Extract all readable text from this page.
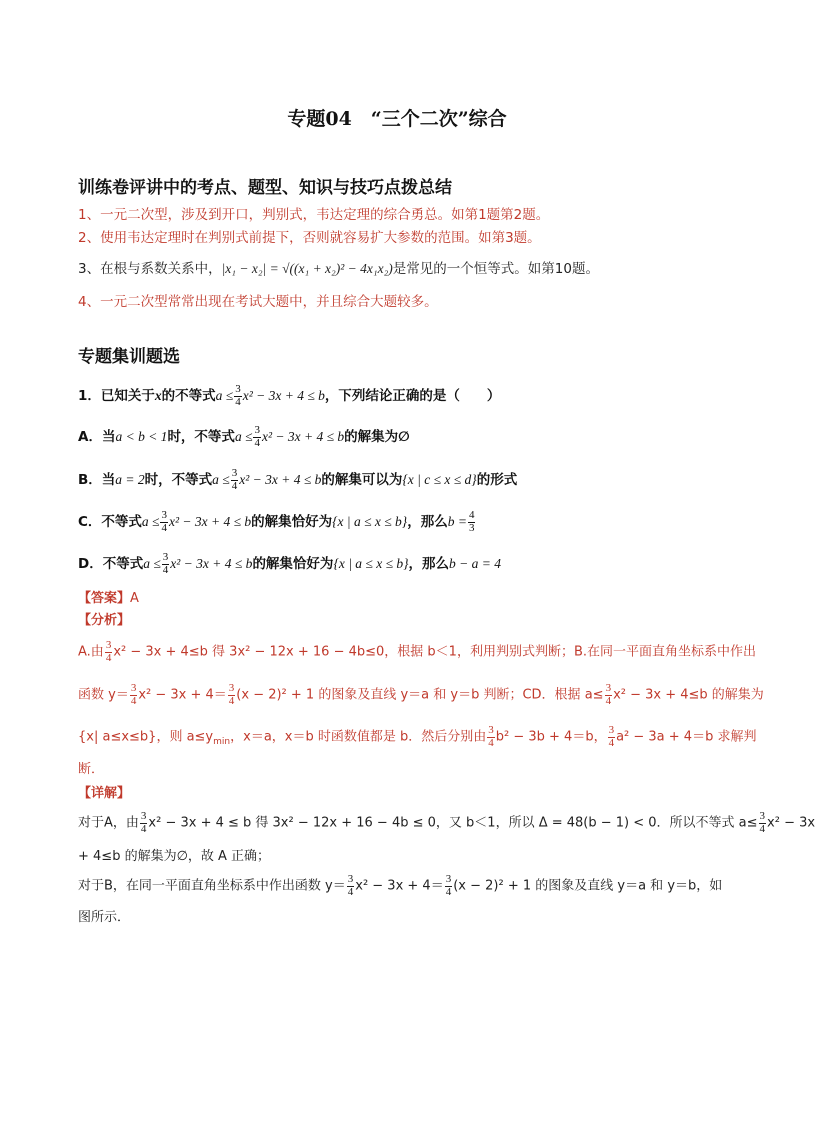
专题04　“三个二次”综合
训练卷评讲中的考点、题型、知识与技巧点拨总结
1、一元二次型，涉及到开口，判别式，韦达定理的综合勇总。如第1题第2题。
2、使用韦达定理时在判别式前提下，否则就容易扩大参数的范围。如第3题。
3、在根与系数关系中，|x₁ − x₂| = √((x₁ + x₂)² − 4x₁x₂)是常见的一个恒等式。如第10题。
4、一元二次型常常出现在考试大题中，并且综合大题较多。
专题集训题选
1．已知关于x的不等式$a \le \frac{3}{4} x^2 - 3x + 4 \le b$，下列结论正确的是（　　）
A．当a < b < 1时，不等式$a \le \frac{3}{4} x^2 - 3x + 4 \le b$的解集为∅
B．当a = 2时，不等式$a \le \frac{3}{4} x^2 - 3x + 4 \le b$的解集可以为{x | c ≤ x ≤ d}的形式
C．不等式$a \le \frac{3}{4} x^2 - 3x + 4 \le b$的解集恰好为{x | a ≤ x ≤ b}，那么$b = \frac{4}{3}$
D．不等式$a \le \frac{3}{4} x^2 - 3x + 4 \le b$的解集恰好为{x | a ≤ x ≤ b}，那么b − a = 4
【答案】A
【分析】
A.由 $\frac{3}{4} x^2 - 3x + 4\le b$ 得 3x² − 12x + 16 − 4b≤0，根据 b＜1，利用判别式判断；B.在同一平面直角坐标系中作出
函数 $y= \frac{3}{4} x^2 - 3x + 4= \frac{3}{4} (x - 2)^2 + 1$ 的图象及直线 y＝a 和 y＝b 判断；CD．根据 $a\le \frac{3}{4} x^2 - 3x + 4\le b$ 的解集为
{x| a≤x≤b}，则 $a\le y_{min}$，x＝a，x＝b 时函数值都是 b．然后分别由 $\frac{3}{4} b^2 - 3b + 4=b$， $\frac{3}{4} a^2 - 3a + 4=b$ 求解判
断．
【详解】
对于A，由 $\frac{3}{4} x^2 - 3x + 4 \le b$ 得 3x² − 12x + 16 − 4b ≤ 0，又 b＜1，所以 Δ = 48(b − 1) < 0．所以不等式 $a\le \frac{3}{4} x^2 - 3x$
+ 4≤b 的解集为∅，故 A 正确；
对于B，在同一平面直角坐标系中作出函数 $y= \frac{3}{4} x^2 - 3x + 4= \frac{3}{4} (x - 2)^2 + 1$ 的图象及直线 y＝a 和 y＝b，如
图所示．
